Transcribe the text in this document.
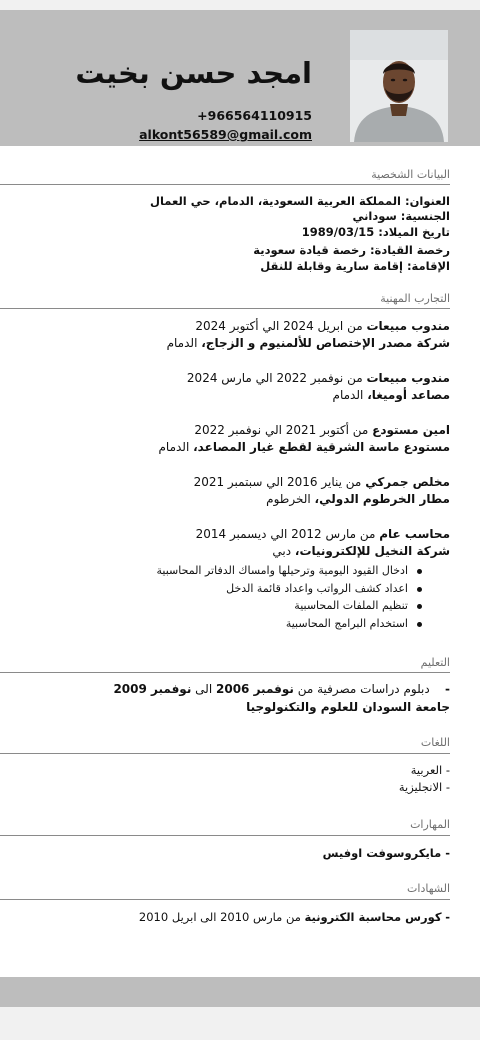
امجد حسن بخيت
+966564110915
alkont56589@gmail.com
البيانات الشخصية
العنوان: المملكة العربية السعودية، الدمام، حي العمال
الجنسية: سوداني
تاريخ الميلاد: 1989/03/15
رخصة القيادة: رخصة قيادة سعودية
الإقامة: إقامة سارية وقابلة للنقل
التجارب المهنية
مندوب مبيعات من ابريل 2024 الي أكتوبر 2024
شركة مصدر الإختصاص للألمنيوم و الزجاج، الدمام
مندوب مبيعات من نوفمبر 2022 الي مارس 2024
مصاعد أوميغا، الدمام
امين مستودع من أكتوبر 2021 الي نوفمبر 2022
مستودع ماسة الشرقية لقطع غيار المصاعد، الدمام
مخلص جمركي من يناير 2016 الي سبتمبر 2021
مطار الخرطوم الدولي، الخرطوم
محاسب عام من مارس 2012 الي ديسمبر 2014
شركة النخيل للإلكترونيات، دبي
ادخال القيود اليومية وترحيلها وامساك الدفاتر المحاسبية
اعداد كشف الرواتب واعداد قائمة الدخل
تنظيم الملفات المحاسبية
استخدام البرامج المحاسبية
التعليم
-    دبلوم دراسات مصرفية من نوفمبر 2006 الى نوفمبر 2009
جامعة السودان للعلوم والتكنولوجيا
اللغات
- العربية
- الانجليزية
المهارات
- مايكروسوفت اوفيس
الشهادات
- كورس محاسبة الكترونية من مارس 2010 الى ابريل 2010
